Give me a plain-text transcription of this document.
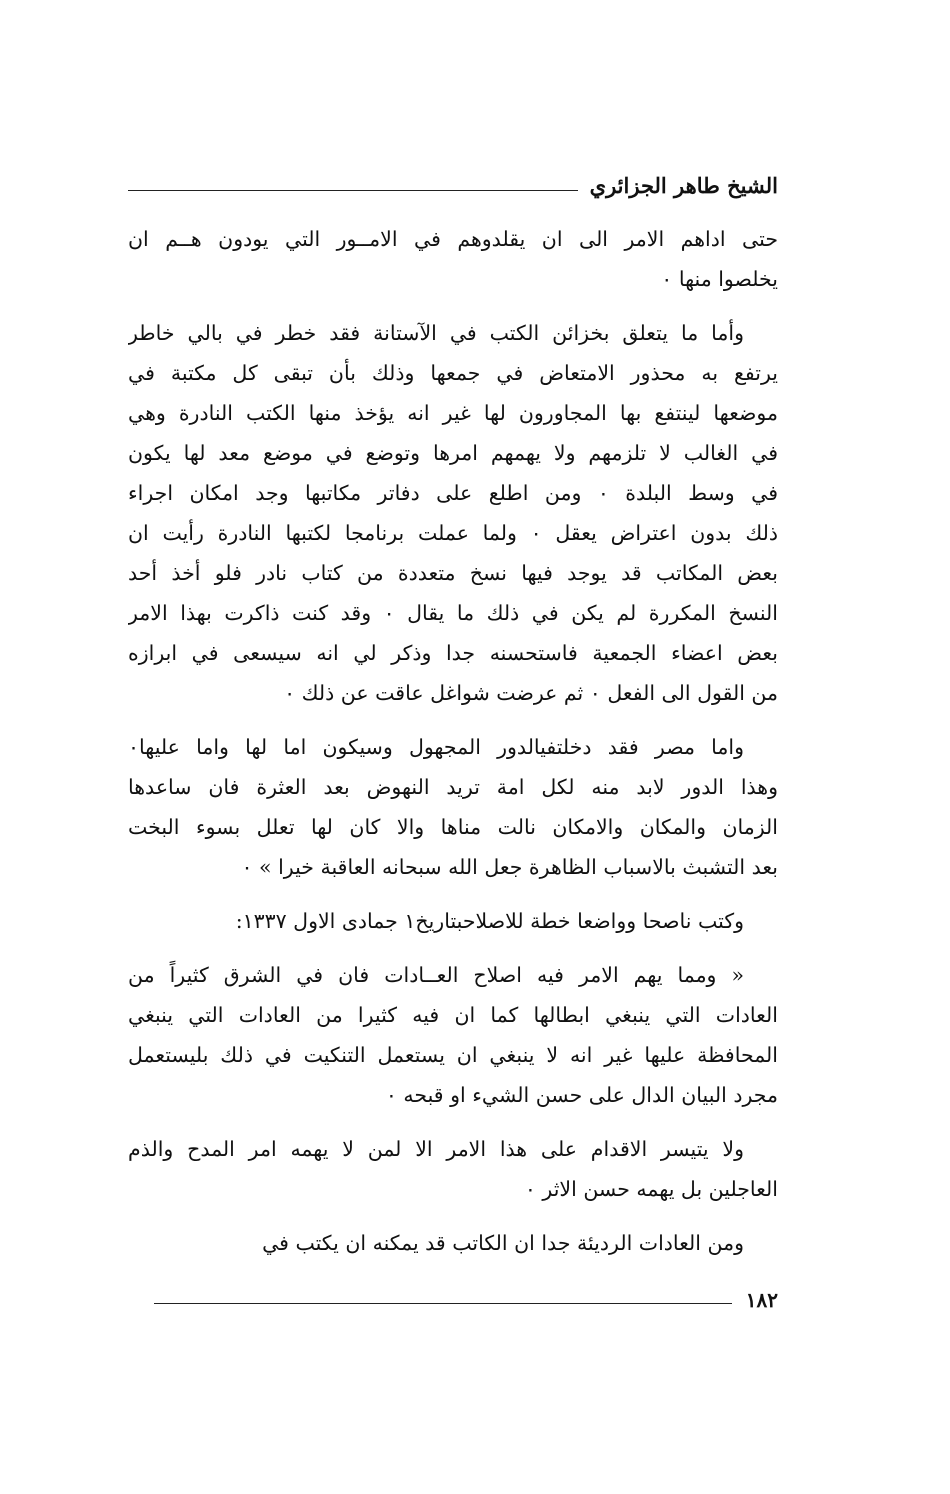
الشيخ طاهر الجزائري
حتى اداهم الامر الى ان يقلدوهم في الامــور التي يودون هــم ان
يخلصوا منها ٠
وأما ما يتعلق بخزائن الكتب في الآستانة فقد خطر في بالي خاطر
يرتفع به محذور الامتعاض في جمعها وذلك بأن تبقى كل مكتبة في
موضعها لينتفع بها المجاورون لها غير انه يؤخذ منها الكتب النادرة وهي
في الغالب لا تلزمهم ولا يهمهم امرها وتوضع في موضع معد لها يكون
في وسط البلدة ٠ ومن اطلع على دفاتر مكاتبها وجد امكان اجراء
ذلك بدون اعتراض يعقل ٠ ولما عملت برنامجا لكتبها النادرة رأيت ان
بعض المكاتب قد يوجد فيها نسخ متعددة من كتاب نادر فلو أخذ أحد
النسخ المكررة لم يكن في ذلك ما يقال ٠ وقد كنت ذاكرت بهذا الامر
بعض اعضاء الجمعية فاستحسنه جدا وذكر لي انه سيسعى في ابرازه
من القول الى الفعل ٠ ثم عرضت شواغل عاقت عن ذلك ٠
واما مصر فقد دخلتفيالدور المجهول وسيكون اما لها واما عليها٠
وهذا الدور لابد منه لكل امة تريد النهوض بعد العثرة فان ساعدها
الزمان والمكان والامكان نالت مناها والا كان لها تعلل بسوء البخت
بعد التشبث بالاسباب الظاهرة جعل الله سبحانه العاقبة خيرا » ٠
وكتب ناصحا وواضعا خطة للاصلاحبتاريخ١ جمادى الاول ١٣٣٧:
« ومما يهم الامر فيه اصلاح العــادات فان في الشرق كثيراً من
العادات التي ينبغي ابطالها كما ان فيه كثيرا من العادات التي ينبغي
المحافظة عليها غير انه لا ينبغي ان يستعمل التنكيت في ذلك بليستعمل
مجرد البيان الدال على حسن الشيء او قبحه ٠
ولا يتيسر الاقدام على هذا الامر الا لمن لا يهمه امر المدح والذم
العاجلين بل يهمه حسن الاثر ٠
ومن العادات الرديئة جدا ان الكاتب قد يمكنه ان يكتب في
١٨٢
